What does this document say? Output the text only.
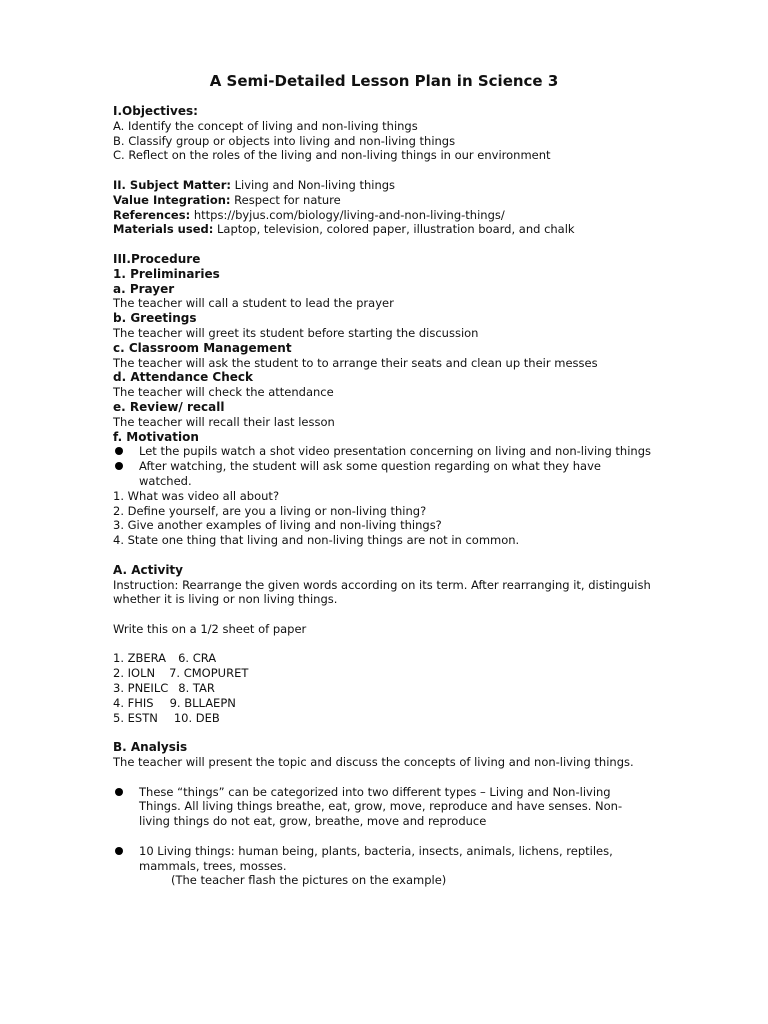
A Semi-Detailed Lesson Plan in Science 3

I.Objectives:

A. Identify the concept of living and non-living things

B. Classify group or objects into living and non-living things

C. Reflect on the roles of the living and non-living things in our environment

II. Subject Matter: Living and Non-living things

Value Integration: Respect for nature

References: https://byjus.com/biology/living-and-non-living-things/

Materials used: Laptop, television, colored paper, illustration board, and chalk

III.Procedure

1. Preliminaries

a. Prayer

The teacher will call a student to lead the prayer

b. Greetings

The teacher will greet its student before starting the discussion

c. Classroom Management

The teacher will ask the student to to arrange their seats and clean up their messes

d. Attendance Check

The teacher will check the attendance

e. Review/ recall

The teacher will recall their last lesson

f. Motivation

Let the pupils watch a shot video presentation concerning on living and non-living things
After watching, the student will ask some question regarding on what they have watched.

1. What was video all about?

2. Define yourself, are you a living or non-living thing?

3. Give another examples of living and non-living things?

4. State one thing that living and non-living things are not in common.

A. Activity

Instruction: Rearrange the given words according on its term. After rearranging it, distinguish whether it is living or non living things.

Write this on a 1/2 sheet of paper

1. ZBERA 6. CRA

2. IOLN 7. CMOPURET

3. PNEILC 8. TAR

4. FHIS 9. BLLAEPN

5. ESTN 10. DEB

B. Analysis

The teacher will present the topic and discuss the concepts of living and non-living things.

These “things” can be categorized into two different types – Living and Non-living Things. All living things breathe, eat, grow, move, reproduce and have senses. Non-living things do not eat, grow, breathe, move and reproduce
10 Living things: human being, plants, bacteria, insects, animals, lichens, reptiles, mammals, trees, mosses.

(The teacher flash the pictures on the example)
